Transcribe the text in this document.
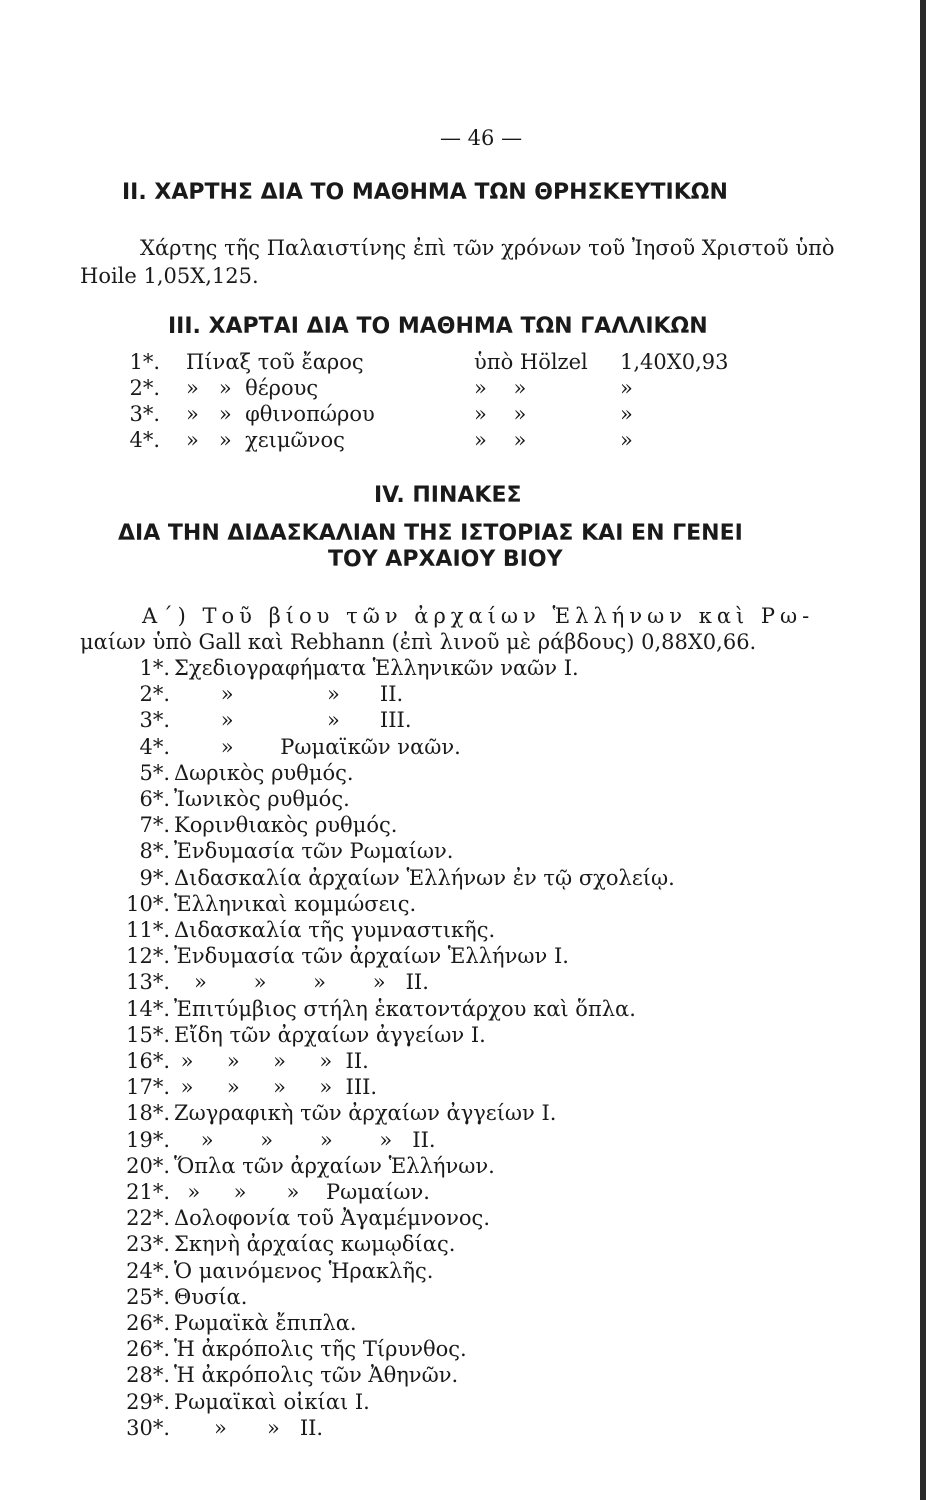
— 46 —
II. ΧΑΡΤΗΣ ΔΙΑ ΤΟ ΜΑΘΗΜΑ ΤΩΝ ΘΡΗΣΚΕΥΤΙΚΩΝ
Χάρτης τῆς Παλαιστίνης ἐπὶ τῶν χρόνων τοῦ Ἰησοῦ Χριστοῦ ὑπὸ
Hoile 1,05X,125.
III. ΧΑΡΤΑΙ ΔΙΑ ΤΟ ΜΑΘΗΜΑ ΤΩΝ ΓΑΛΛΙΚΩΝ
1*. Πίναξ τοῦ ἔαρος	ὑπὸ Hölzel 1,40X0,93
2*. »   »  θέρους	»    »	»
3*. »   »  φθινοπώρου	»    »	»
4*. »   »  χειμῶνος	»    »	»
IV. ΠΙΝΑΚΕΣ
ΔΙΑ ΤΗΝ ΔΙΔΑΣΚΑΛΙΑΝ ΤΗΣ ΙΣΤΟΡΙΑΣ ΚΑΙ ΕΝ ΓΕΝΕΙ
ΤΟΥ ΑΡΧΑΙΟΥ ΒΙΟΥ
Α΄) Τοῦ βίου τῶν ἀρχαίων Ἑλλήνων καὶ Ρω-
μαίων ὑπὸ Gall καὶ Rebhann (ἐπὶ λινοῦ μὲ ράβδους) 0,88X0,66.
1*. Σχεδιογραφήματα Ἑλληνικῶν ναῶν I.
2*. »              »      II.
3*. »              »      III.
4*. »       Ρωμαϊκῶν ναῶν.
5*. Δωρικὸς ρυθμός.
6*. Ἰωνικὸς ρυθμός.
7*. Κορινθιακὸς ρυθμός.
8*. Ἐνδυμασία τῶν Ρωμαίων.
9*. Διδασκαλία ἀρχαίων Ἑλλήνων ἐν τῷ σχολείῳ.
10*. Ἑλληνικαὶ κομμώσεις.
11*. Διδασκαλία τῆς γυμναστικῆς.
12*. Ἐνδυμασία τῶν ἀρχαίων Ἑλλήνων I.
13*. »       »       »       »   II.
14*. Ἐπιτύμβιος στήλη ἑκατοντάρχου καὶ ὅπλα.
15*. Εἴδη τῶν ἀρχαίων ἀγγείων I.
16*. »     »     »     »  II.
17*. »     »     »     »  III.
18*. Ζωγραφικὴ τῶν ἀρχαίων ἀγγείων I.
19*. »       »       »       »   II.
20*. Ὅπλα τῶν ἀρχαίων Ἑλλήνων.
21*. »     »      »    Ρωμαίων.
22*. Δολοφονία τοῦ Ἀγαμέμνονος.
23*. Σκηνὴ ἀρχαίας κωμῳδίας.
24*. Ὁ μαινόμενος Ἡρακλῆς.
25*. Θυσία.
26*. Ρωμαϊκὰ ἔπιπλα.
26*. Ἡ ἀκρόπολις τῆς Τίρυνθος.
28*. Ἡ ἀκρόπολις τῶν Ἀθηνῶν.
29*. Ρωμαϊκαὶ οἰκίαι I.
30*. »      »   II.
